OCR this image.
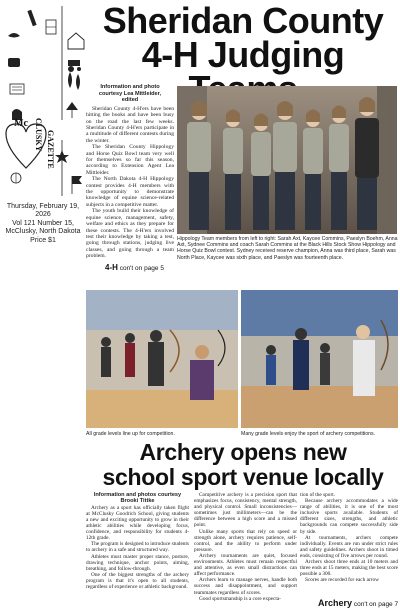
Mc CLUSKY GAZETTE
Thursday, February 19, 2026
Vol 121 Number 15,
McClusky, North Dakota
Price $1
Sheridan County
4-H Judging
Information and photo
courtesy Lea Mittleider,
edited

Sheridan County 4-H'ers have been hitting the books and have been busy on the road the last few weeks. Sheridan County 4-H'ers participate in a multitude of different contests during the winter.

The Sheridan County Hippology and Horse Quiz Bowl team very well for themselves so far this season, according to Extension Agent Lea Mittleider.

The North Dakota 4-H Hippology contest provides 4-H members with the opportunity to demonstrate knowledge of equine science-related subjects in a competitive matter.

The youth build their knowledge of equine science, management, safety, welfare and ethics as they prepare for these contests. The 4-H'ers involved test their knowledge by taking a test, going through stations, judging live classes, and going through a team problem.

4-H con't on page 5
Hippology Team members from left to right: Sarah Axt, Kaycee Commins, Paeslyn Boehm, Anna Axt, Sydnee Commins and coach Sarah Commins at the Black Hills Stock Show Hippology and Horse Quiz Bowl contest. Sydney received reserve champion, Anna was third place, Sarah was North Place, Kaycee was sixth place, and Paeslyn was fourteenth place.
All grade levels line up for competition.	Many grade levels enjoy the sport of archery competitions.
Archery opens new
school sport venue locally
Information and photos courtesy
Brooki Tittke

Archery as a sport has officially taken flight at McClusky Goodrich School, giving students a new and exciting opportunity to grow in their athletic abilities while developing focus, confidence, and responsibility for students 4-12th grade.

The program is designed to introduce students to archery in a safe and structured way.

Athletes must master proper stance, posture, drawing technique, anchor points, aiming, breathing, and follow-through.

One of the biggest strengths of the archery program is that it's open to all students, regardless of experience or athletic background.

Competitive archery is a precision sport that emphasizes focus, consistency, mental strength, and physical control. Small inconsistencies—sometimes just millimeters—can be the difference between a high score and a missed point.

Unlike many sports that rely on speed or strength alone, archery requires patience, self-control, and the ability to perform under pressure.

Archery tournaments are quiet, focused environments. Athletes must remain respectful and attentive, as even small distractions can affect performance.

Archers learn to manage nerves, handle both success and disappointment, and support teammates regardless of scores.

Good sportsmanship is a core expecta-

tion of the sport.

Because archery accommodates a wide range of abilities, it is one of the most inclusive sports available. Students of different sizes, strengths, and athletic backgrounds can compete successfully side by side.

At tournaments, archers compete individually. Events are run under strict rules and safety guidelines. Archers shoot in timed ends, consisting of five arrows per round.

Archers shoot three ends at 10 meters and three ends at 15 meters, making the best score possible a 300.

Scores are recorded for each arrow

Archery con't on page 7
